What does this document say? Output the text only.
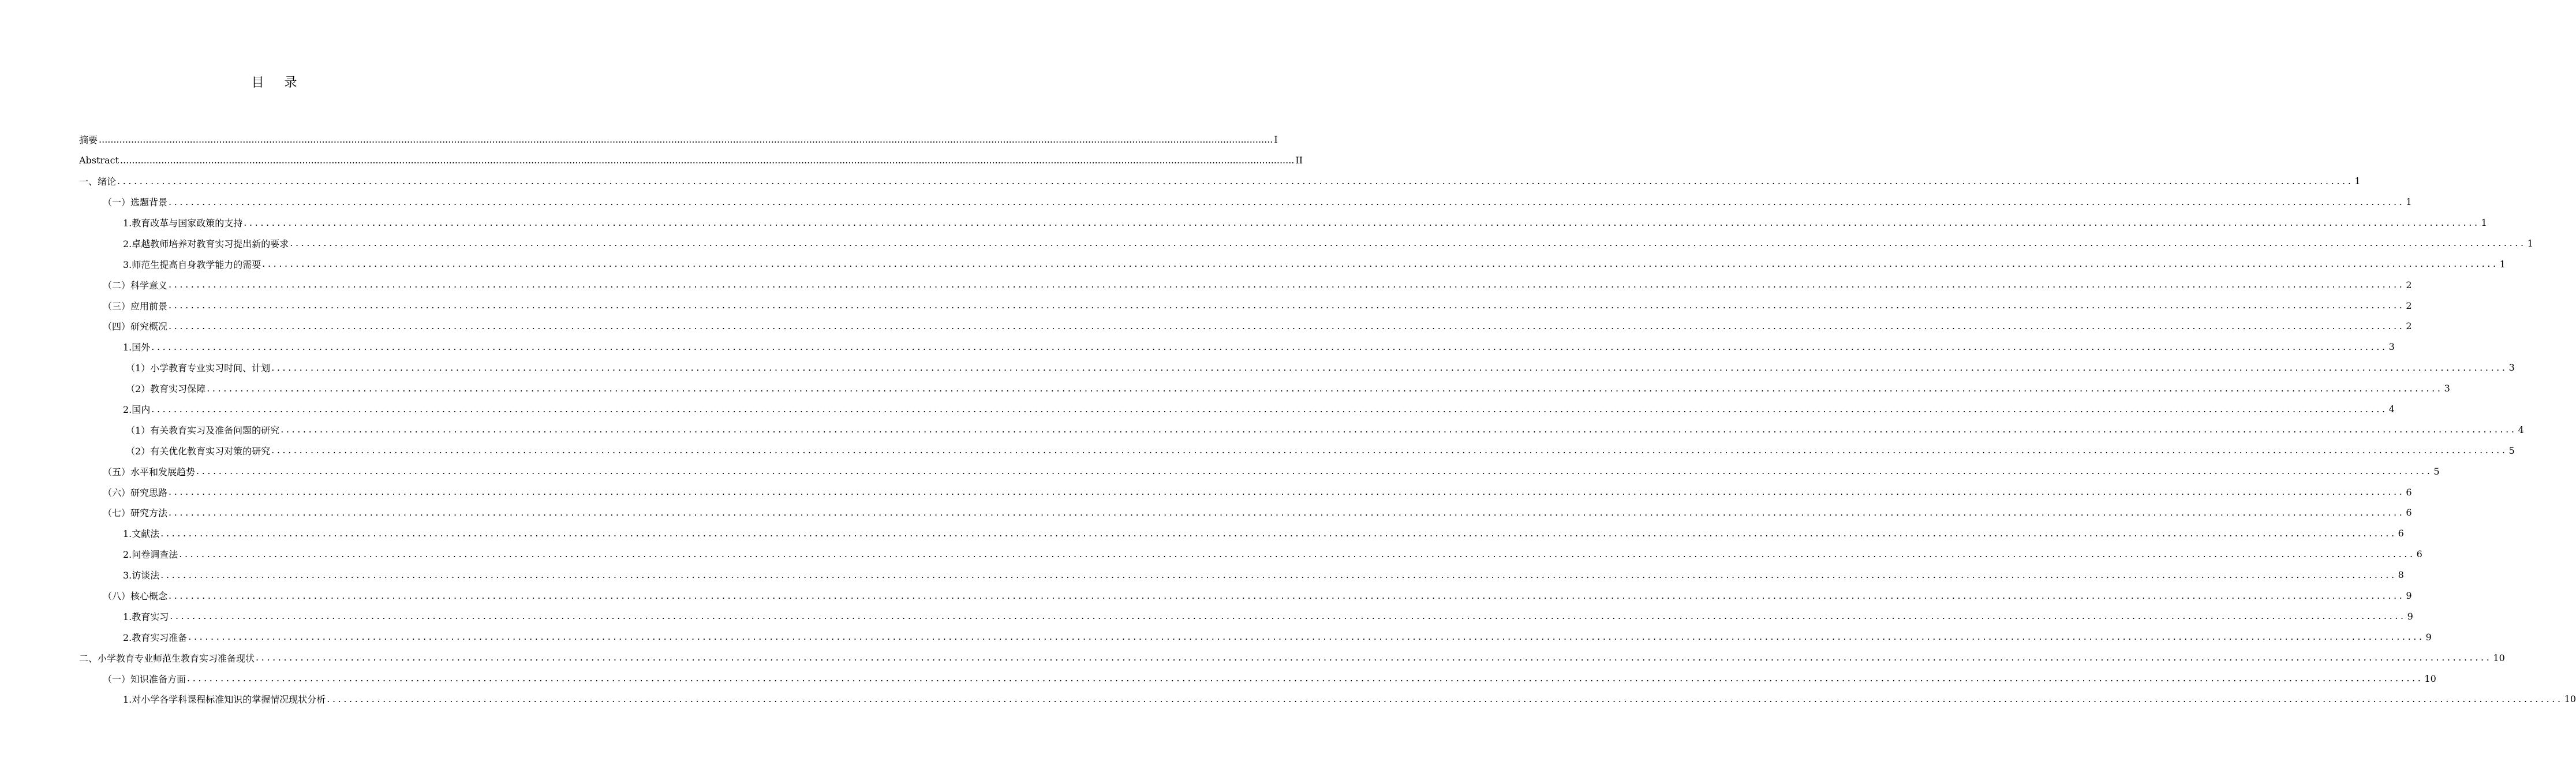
目 录
摘要 ................................................................................................................................................................................................................................................................................................................................................................................................................ I
Abstract ................................................................................................................................................................................................................................................................................................................................................................................................................ II
一、绪论 ................................................................................................................................................................................................................................................................................................................................................................................................................ 1
（一）选题背景 ................................................................................................................................................................................................................................................................................................................................................................................................................ 1
1.教育改革与国家政策的支持 ................................................................................................................................................................................................................................................................................................................................................................................................................ 1
2.卓越教师培养对教育实习提出新的要求 ................................................................................................................................................................................................................................................................................................................................................................................................................ 1
3.师范生提高自身教学能力的需要 ................................................................................................................................................................................................................................................................................................................................................................................................................ 1
（二）科学意义 ................................................................................................................................................................................................................................................................................................................................................................................................................ 2
（三）应用前景 ................................................................................................................................................................................................................................................................................................................................................................................................................ 2
（四）研究概况 ................................................................................................................................................................................................................................................................................................................................................................................................................ 2
1.国外 ................................................................................................................................................................................................................................................................................................................................................................................................................ 3
（1）小学教育专业实习时间、计划 ................................................................................................................................................................................................................................................................................................................................................................................................................ 3
（2）教育实习保障 ................................................................................................................................................................................................................................................................................................................................................................................................................ 3
2.国内 ................................................................................................................................................................................................................................................................................................................................................................................................................ 4
（1）有关教育实习及准备问题的研究 ................................................................................................................................................................................................................................................................................................................................................................................................................ 4
（2）有关优化教育实习对策的研究 ................................................................................................................................................................................................................................................................................................................................................................................................................ 5
（五）水平和发展趋势 ................................................................................................................................................................................................................................................................................................................................................................................................................ 5
（六）研究思路 ................................................................................................................................................................................................................................................................................................................................................................................................................ 6
（七）研究方法 ................................................................................................................................................................................................................................................................................................................................................................................................................ 6
1.文献法 ................................................................................................................................................................................................................................................................................................................................................................................................................ 6
2.问卷调查法 ................................................................................................................................................................................................................................................................................................................................................................................................................ 6
3.访谈法 ................................................................................................................................................................................................................................................................................................................................................................................................................ 8
（八）核心概念 ................................................................................................................................................................................................................................................................................................................................................................................................................ 9
1.教育实习 ................................................................................................................................................................................................................................................................................................................................................................................................................ 9
2.教育实习准备 ................................................................................................................................................................................................................................................................................................................................................................................................................ 9
二、小学教育专业师范生教育实习准备现状 ................................................................................................................................................................................................................................................................................................................................................................................................................ 10
（一）知识准备方面 ................................................................................................................................................................................................................................................................................................................................................................................................................ 10
1.对小学各学科课程标准知识的掌握情况现状分析 ................................................................................................................................................................................................................................................................................................................................................................................................................ 10
